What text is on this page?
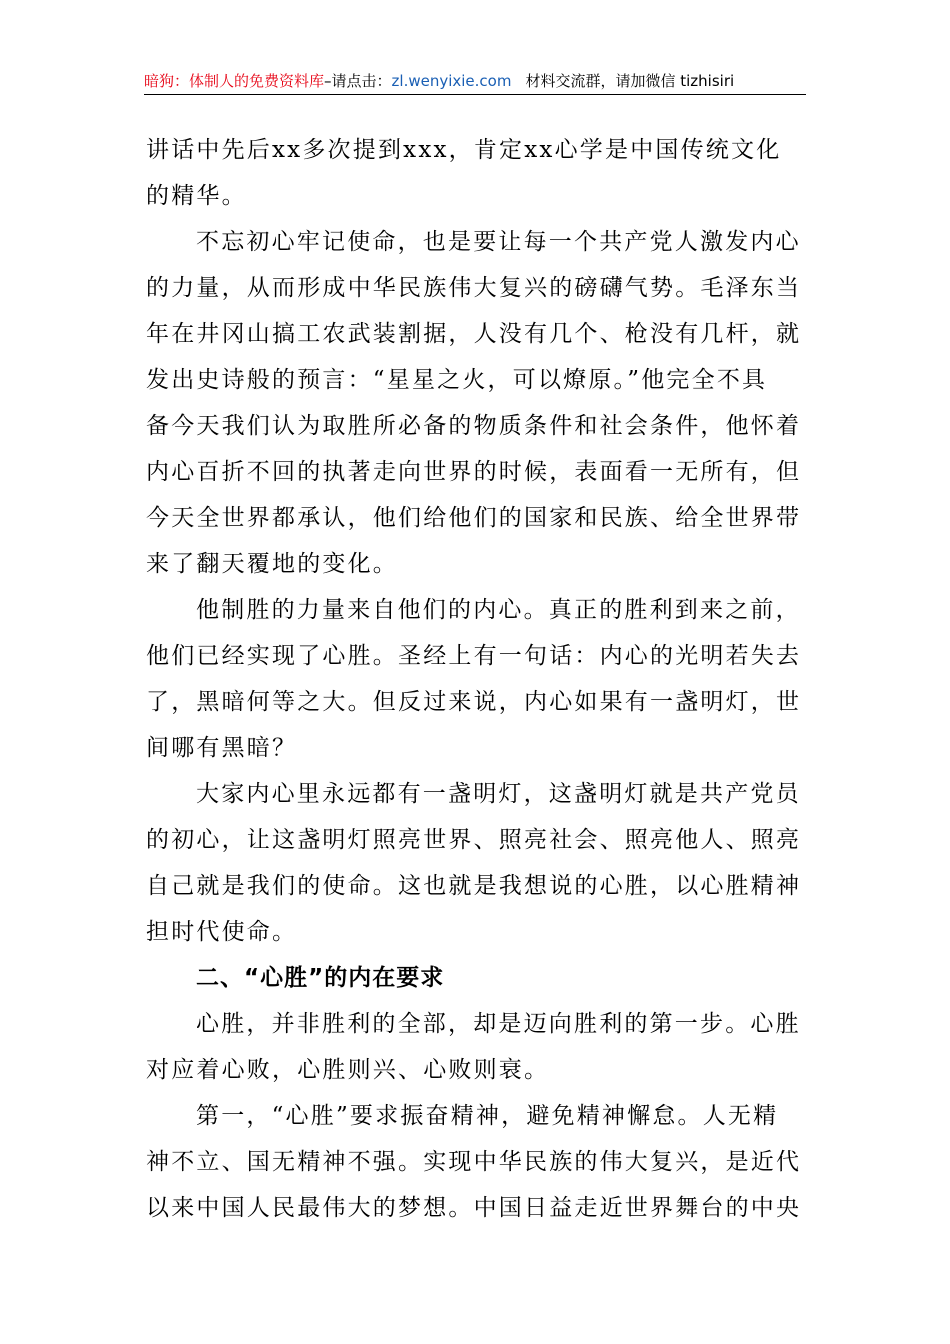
暗狗：体制人的免费资料库–请点击：zl.wenyixie.com 材料交流群，请加微信 tizhisiri
讲话中先后xx多次提到xxx，肯定xx心学是中国传统文化
的精华。
不忘初心牢记使命，也是要让每一个共产党人激发内心
的力量，从而形成中华民族伟大复兴的磅礴气势。毛泽东当
年在井冈山搞工农武装割据，人没有几个、枪没有几杆，就
发出史诗般的预言：“星星之火，可以燎原。”他完全不具
备今天我们认为取胜所必备的物质条件和社会条件，他怀着
内心百折不回的执著走向世界的时候，表面看一无所有，但
今天全世界都承认，他们给他们的国家和民族、给全世界带
来了翻天覆地的变化。
他制胜的力量来自他们的内心。真正的胜利到来之前，
他们已经实现了心胜。圣经上有一句话：内心的光明若失去
了，黑暗何等之大。但反过来说，内心如果有一盏明灯，世
间哪有黑暗？
大家内心里永远都有一盏明灯，这盏明灯就是共产党员
的初心，让这盏明灯照亮世界、照亮社会、照亮他人、照亮
自己就是我们的使命。这也就是我想说的心胜，以心胜精神
担时代使命。
二、“心胜”的内在要求
心胜，并非胜利的全部，却是迈向胜利的第一步。心胜
对应着心败，心胜则兴、心败则衰。
第一，“心胜”要求振奋精神，避免精神懈怠。人无精
神不立、国无精神不强。实现中华民族的伟大复兴，是近代
以来中国人民最伟大的梦想。中国日益走近世界舞台的中央
